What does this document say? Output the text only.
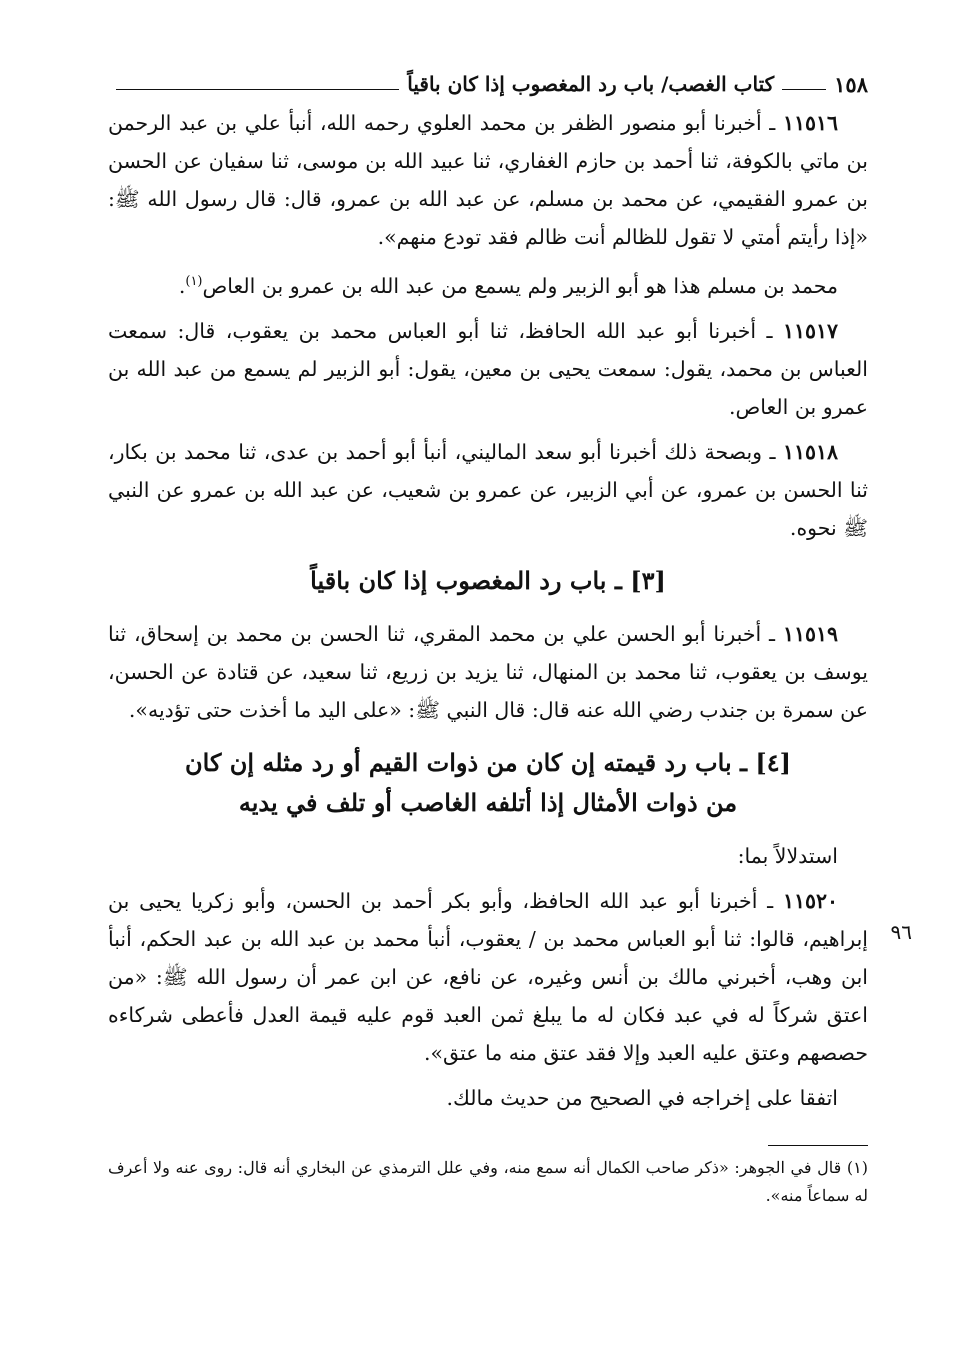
١٥٨
كتاب الغصب/ باب رد المغصوب إذا كان باقياً

١١٥١٦ ـ أخبرنا أبو منصور الظفر بن محمد العلوي رحمه الله، أنبأ علي بن عبد الرحمن بن ماتي بالكوفة، ثنا أحمد بن حازم الغفاري، ثنا عبيد الله بن موسى، ثنا سفيان عن الحسن بن عمرو الفقيمي، عن محمد بن مسلم، عن عبد الله بن عمرو، قال: قال رسول الله ﷺ: «إذا رأيتم أمتي لا تقول للظالم أنت ظالم فقد تودع منهم».

محمد بن مسلم هذا هو أبو الزبير ولم يسمع من عبد الله بن عمرو بن العاص$^{(١)}$.

١١٥١٧ ـ أخبرنا أبو عبد الله الحافظ، ثنا أبو العباس محمد بن يعقوب، قال: سمعت العباس بن محمد، يقول: سمعت يحيى بن معين، يقول: أبو الزبير لم يسمع من عبد الله بن عمرو بن العاص.

١١٥١٨ ـ وبصحة ذلك أخبرنا أبو سعد الماليني، أنبأ أبو أحمد بن عدى، ثنا محمد بن بكار، ثنا الحسن بن عمرو، عن أبي الزبير، عن عمرو بن شعيب، عن عبد الله بن عمرو عن النبي ﷺ نحوه.

[٣] ـ باب رد المغصوب إذا كان باقياً

١١٥١٩ ـ أخبرنا أبو الحسن علي بن محمد المقري، ثنا الحسن بن محمد بن إسحاق، ثنا يوسف بن يعقوب، ثنا محمد بن المنهال، ثنا يزيد بن زريع، ثنا سعيد، عن قتادة عن الحسن، عن سمرة بن جندب رضي الله عنه قال: قال النبي ﷺ: «على اليد ما أخذت حتى تؤديه».

[٤] ـ باب رد قيمته إن كان من ذوات القيم أو رد مثله إن كان
من ذوات الأمثال إذا أتلفه الغاصب أو تلف في يديه

استدلالاً بما:

٩٦

١١٥٢٠ ـ أخبرنا أبو عبد الله الحافظ، وأبو بكر أحمد بن الحسن، وأبو زكريا يحيى بن إبراهيم، قالوا: ثنا أبو العباس محمد بن / يعقوب، أنبأ محمد بن عبد الله بن عبد الحكم، أنبأ ابن وهب، أخبرني مالك بن أنس وغيره، عن نافع، عن ابن عمر أن رسول الله ﷺ: «من اعتق شركاً له في عبد فكان له ما يبلغ ثمن العبد قوم عليه قيمة العدل فأعطى شركاءه حصصهم وعتق عليه العبد وإلا فقد عتق منه ما عتق».

اتفقا على إخراجه في الصحيح من حديث مالك.

(١) قال في الجوهر: «ذكر صاحب الكمال أنه سمع منه، وفي علل الترمذي عن البخاري أنه قال: روى عنه ولا أعرف له سماعاً منه».
